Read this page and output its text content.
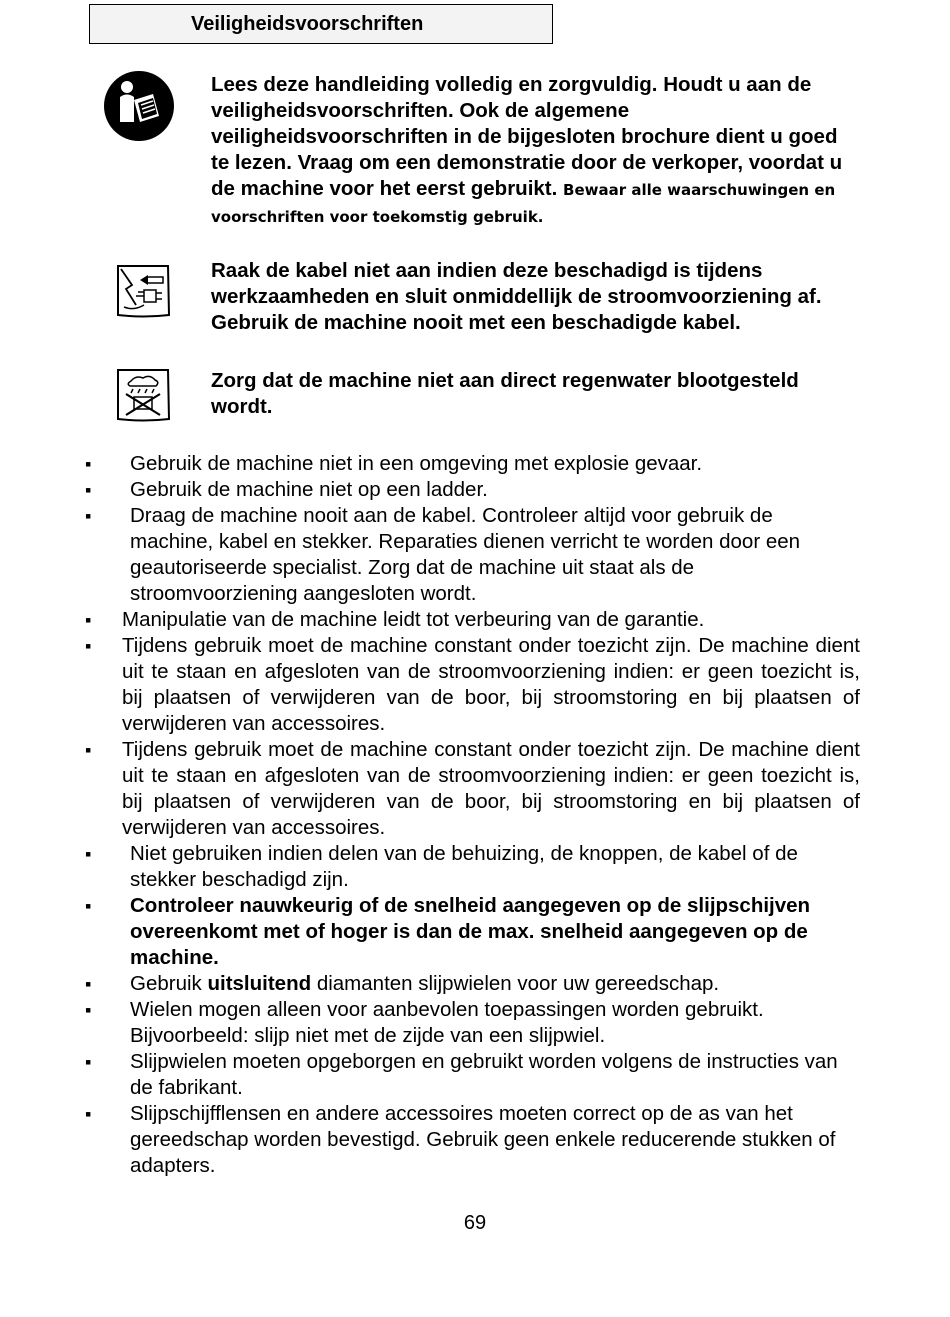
Veiligheidsvoorschriften
Lees deze handleiding volledig en zorgvuldig. Houdt u aan de veiligheidsvoorschriften. Ook de algemene veiligheidsvoorschriften in de bijgesloten brochure dient u goed te lezen. Vraag om een demonstratie door de verkoper, voordat u de machine voor het eerst gebruikt. Bewaar alle waarschuwingen en voorschriften voor toekomstig gebruik.
Raak de kabel niet aan indien deze beschadigd is tijdens werkzaamheden en sluit onmiddellijk de stroomvoorziening af. Gebruik de machine nooit met een beschadigde kabel.
Zorg dat de machine niet aan direct regenwater blootgesteld wordt.
▪ Gebruik de machine niet in een omgeving met explosie gevaar.
▪ Gebruik de machine niet op een ladder.
▪ Draag de machine nooit aan de kabel. Controleer altijd voor gebruik de machine, kabel en stekker. Reparaties dienen verricht te worden door een geautoriseerde specialist. Zorg dat de machine uit staat als de stroomvoorziening aangesloten wordt.
▪ Manipulatie van de machine leidt tot verbeuring van de garantie.
▪ Tijdens gebruik moet de machine constant onder toezicht zijn. De machine dient uit te staan en afgesloten van de stroomvoorziening indien: er geen toezicht is, bij plaatsen of verwijderen van de boor, bij stroomstoring en bij plaatsen of verwijderen van accessoires.
▪ Tijdens gebruik moet de machine constant onder toezicht zijn. De machine dient uit te staan en afgesloten van de stroomvoorziening indien: er geen toezicht is, bij plaatsen of verwijderen van de boor, bij stroomstoring en bij plaatsen of verwijderen van accessoires.
▪ Niet gebruiken indien delen van de behuizing, de knoppen, de kabel of de stekker beschadigd zijn.
▪ Controleer nauwkeurig of de snelheid aangegeven op de slijpschijven overeenkomt met of hoger is dan de max. snelheid aangegeven op de machine.
▪ Gebruik uitsluitend diamanten slijpwielen voor uw gereedschap.
▪ Wielen mogen alleen voor aanbevolen toepassingen worden gebruikt. Bijvoorbeeld: slijp niet met de zijde van een slijpwiel.
▪ Slijpwielen moeten opgeborgen en gebruikt worden volgens de instructies van de fabrikant.
▪ Slijpschijfflensen en andere accessoires moeten correct op de as van het gereedschap worden bevestigd. Gebruik geen enkele reducerende stukken of adapters.
69
